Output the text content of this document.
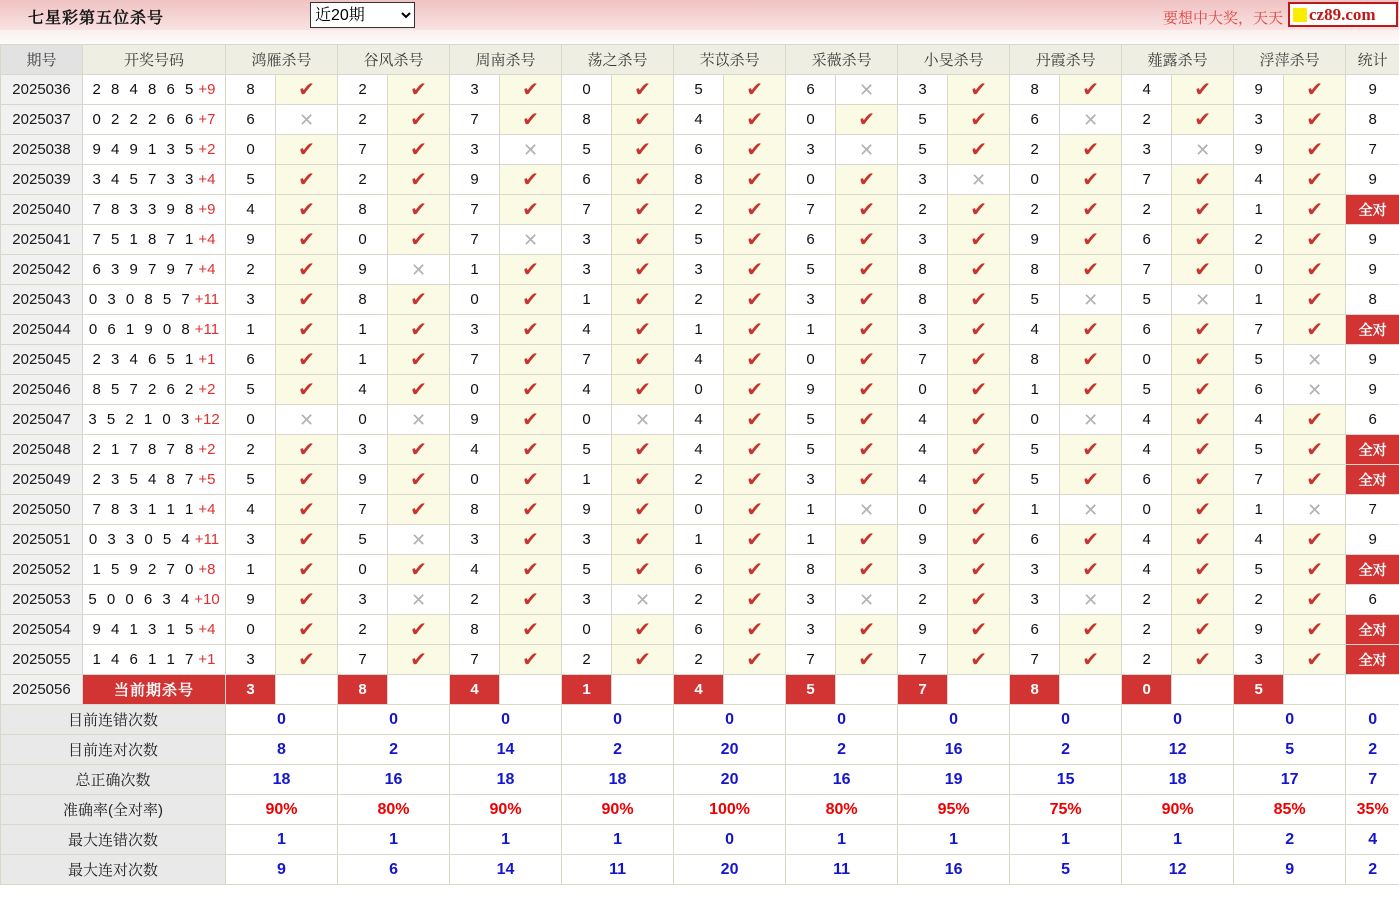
七星彩第五位杀号
近20期	要想中大奖，天天 cz89.com
期号	开奖号码	鸿雁杀号		谷风杀号		周南杀号		荡之杀号		芣苡杀号		采薇杀号		小旻杀号		丹霞杀号		薤露杀号		浮萍杀号		统计
2025036	2 8 4 8 6 5 +9	8	✔	2	✔	3	✔	0	✔	5	✔	6	✕	3	✔	8	✔	4	✔	9	✔	9
2025037	0 2 2 2 6 6 +7	6	✕	2	✔	7	✔	8	✔	4	✔	0	✔	5	✔	6	✕	2	✔	3	✔	8
2025038	9 4 9 1 3 5 +2	0	✔	7	✔	3	✕	5	✔	6	✔	3	✕	5	✔	2	✔	3	✕	9	✔	7
2025039	3 4 5 7 3 3 +4	5	✔	2	✔	9	✔	6	✔	8	✔	0	✔	3	✕	0	✔	7	✔	4	✔	9
2025040	7 8 3 3 9 8 +9	4	✔	8	✔	7	✔	7	✔	2	✔	7	✔	2	✔	2	✔	2	✔	1	✔	全对
2025041	7 5 1 8 7 1 +4	9	✔	0	✔	7	✕	3	✔	5	✔	6	✔	3	✔	9	✔	6	✔	2	✔	9
2025042	6 3 9 7 9 7 +4	2	✔	9	✕	1	✔	3	✔	3	✔	5	✔	8	✔	8	✔	7	✔	0	✔	9
2025043	0 3 0 8 5 7 +11	3	✔	8	✔	0	✔	1	✔	2	✔	3	✔	8	✔	5	✕	5	✕	1	✔	8
2025044	0 6 1 9 0 8 +11	1	✔	1	✔	3	✔	4	✔	1	✔	1	✔	3	✔	4	✔	6	✔	7	✔	全对
2025045	2 3 4 6 5 1 +1	6	✔	1	✔	7	✔	7	✔	4	✔	0	✔	7	✔	8	✔	0	✔	5	✕	9
2025046	8 5 7 2 6 2 +2	5	✔	4	✔	0	✔	4	✔	0	✔	9	✔	0	✔	1	✔	5	✔	6	✕	9
2025047	3 5 2 1 0 3 +12	0	✕	0	✕	9	✔	0	✕	4	✔	5	✔	4	✔	0	✕	4	✔	4	✔	6
2025048	2 1 7 8 7 8 +2	2	✔	3	✔	4	✔	5	✔	4	✔	5	✔	4	✔	5	✔	4	✔	5	✔	全对
2025049	2 3 5 4 8 7 +5	5	✔	9	✔	0	✔	1	✔	2	✔	3	✔	4	✔	5	✔	6	✔	7	✔	全对
2025050	7 8 3 1 1 1 +4	4	✔	7	✔	8	✔	9	✔	0	✔	1	✕	0	✔	1	✕	0	✔	1	✕	7
2025051	0 3 3 0 5 4 +11	3	✔	5	✕	3	✔	3	✔	1	✔	1	✔	9	✔	6	✔	4	✔	4	✔	9
2025052	1 5 9 2 7 0 +8	1	✔	0	✔	4	✔	5	✔	6	✔	8	✔	3	✔	3	✔	4	✔	5	✔	全对
2025053	5 0 0 6 3 4 +10	9	✔	3	✕	2	✔	3	✕	2	✔	3	✕	2	✔	3	✕	2	✔	2	✔	6
2025054	9 4 1 3 1 5 +4	0	✔	2	✔	8	✔	0	✔	6	✔	3	✔	9	✔	6	✔	2	✔	9	✔	全对
2025055	1 4 6 1 1 7 +1	3	✔	7	✔	7	✔	2	✔	2	✔	7	✔	7	✔	7	✔	2	✔	3	✔	全对
2025056	当前期杀号	3		8		4		1		4		5		7		8		0		5		
目前连错次数		0		0		0		0		0		0		0		0		0		0		0
目前连对次数		8		2		14		2		20		2		16		2		12		5		2
总正确次数		18		16		18		18		20		16		19		15		18		17		7
准确率(全对率)		90%		80%		90%		90%		100%		80%		95%		75%		90%		85%		35%
最大连错次数		1		1		1		1		0		1		1		1		1		2		4
最大连对次数		9		6		14		11		20		11		16		5		12		9		2
